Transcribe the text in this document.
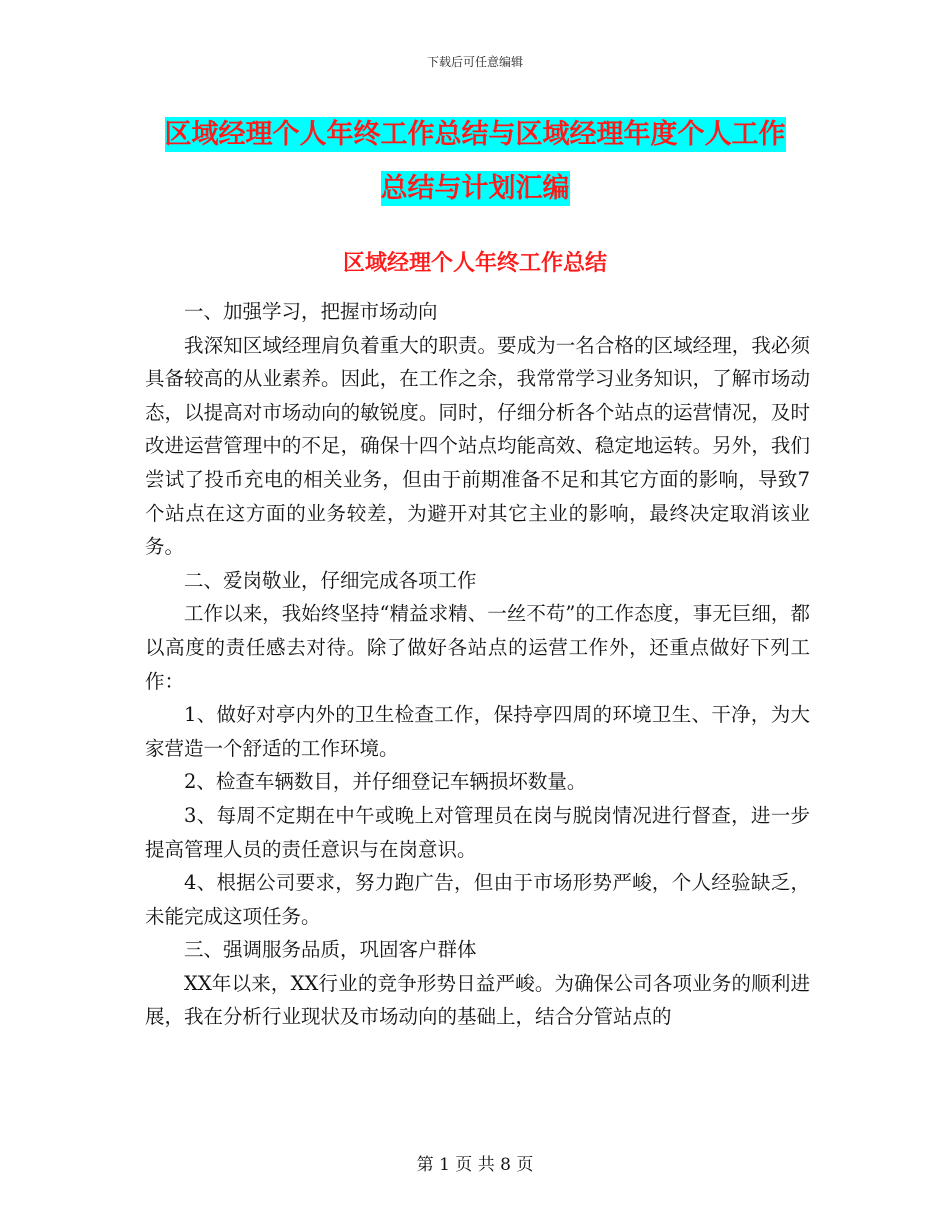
下载后可任意编辑
区域经理个人年终工作总结与区域经理年度个人工作
总结与计划汇编
区域经理个人年终工作总结

一、加强学习，把握市场动向

我深知区域经理肩负着重大的职责。要成为一名合格的区域经理，我必须具备较高的从业素养。因此，在工作之余，我常常学习业务知识，了解市场动态，以提高对市场动向的敏锐度。同时，仔细分析各个站点的运营情况，及时改进运营管理中的不足，确保十四个站点均能高效、稳定地运转。另外，我们尝试了投币充电的相关业务，但由于前期准备不足和其它方面的影响，导致7个站点在这方面的业务较差，为避开对其它主业的影响，最终决定取消该业务。

二、爱岗敬业，仔细完成各项工作

工作以来，我始终坚持“精益求精、一丝不苟”的工作态度，事无巨细，都以高度的责任感去对待。除了做好各站点的运营工作外，还重点做好下列工作：

1、做好对亭内外的卫生检查工作，保持亭四周的环境卫生、干净，为大家营造一个舒适的工作环境。

2、检查车辆数目，并仔细登记车辆损坏数量。

3、每周不定期在中午或晚上对管理员在岗与脱岗情况进行督查，进一步提高管理人员的责任意识与在岗意识。

4、根据公司要求，努力跑广告，但由于市场形势严峻，个人经验缺乏，未能完成这项任务。

三、强调服务品质，巩固客户群体

XX年以来，XX行业的竞争形势日益严峻。为确保公司各项业务的顺利进展，我在分析行业现状及市场动向的基础上，结合分管站点的

第 1 页 共 8 页
